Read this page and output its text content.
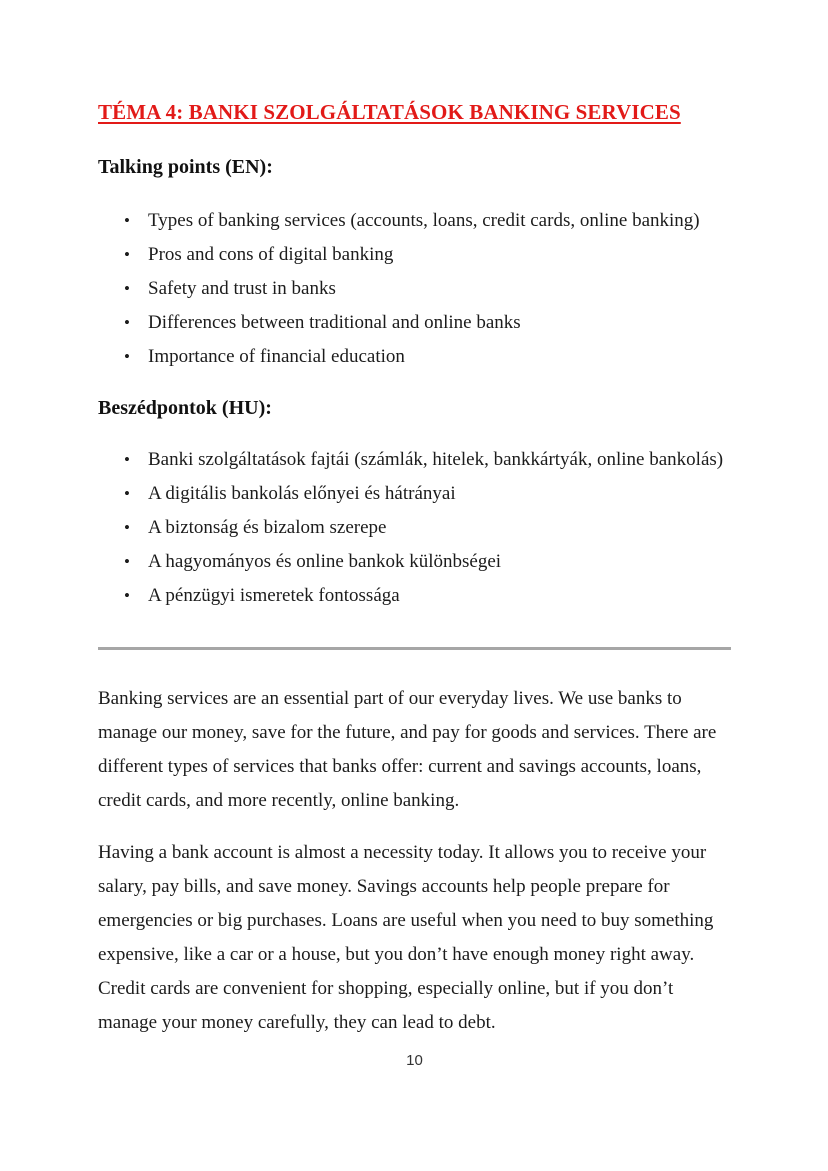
TÉMA 4: BANKI SZOLGÁLTATÁSOK BANKING SERVICES
Talking points (EN):
• Types of banking services (accounts, loans, credit cards, online banking)
• Pros and cons of digital banking
• Safety and trust in banks
• Differences between traditional and online banks
• Importance of financial education
Beszédpontok (HU):
• Banki szolgáltatások fajtái (számlák, hitelek, bankkártyák, online bankolás)
• A digitális bankolás előnyei és hátrányai
• A biztonság és bizalom szerepe
• A hagyományos és online bankok különbségei
• A pénzügyi ismeretek fontossága

Banking services are an essential part of our everyday lives. We use banks to manage our money, save for the future, and pay for goods and services. There are different types of services that banks offer: current and savings accounts, loans, credit cards, and more recently, online banking.

Having a bank account is almost a necessity today. It allows you to receive your salary, pay bills, and save money. Savings accounts help people prepare for emergencies or big purchases. Loans are useful when you need to buy something expensive, like a car or a house, but you don’t have enough money right away. Credit cards are convenient for shopping, especially online, but if you don’t manage your money carefully, they can lead to debt.

10
